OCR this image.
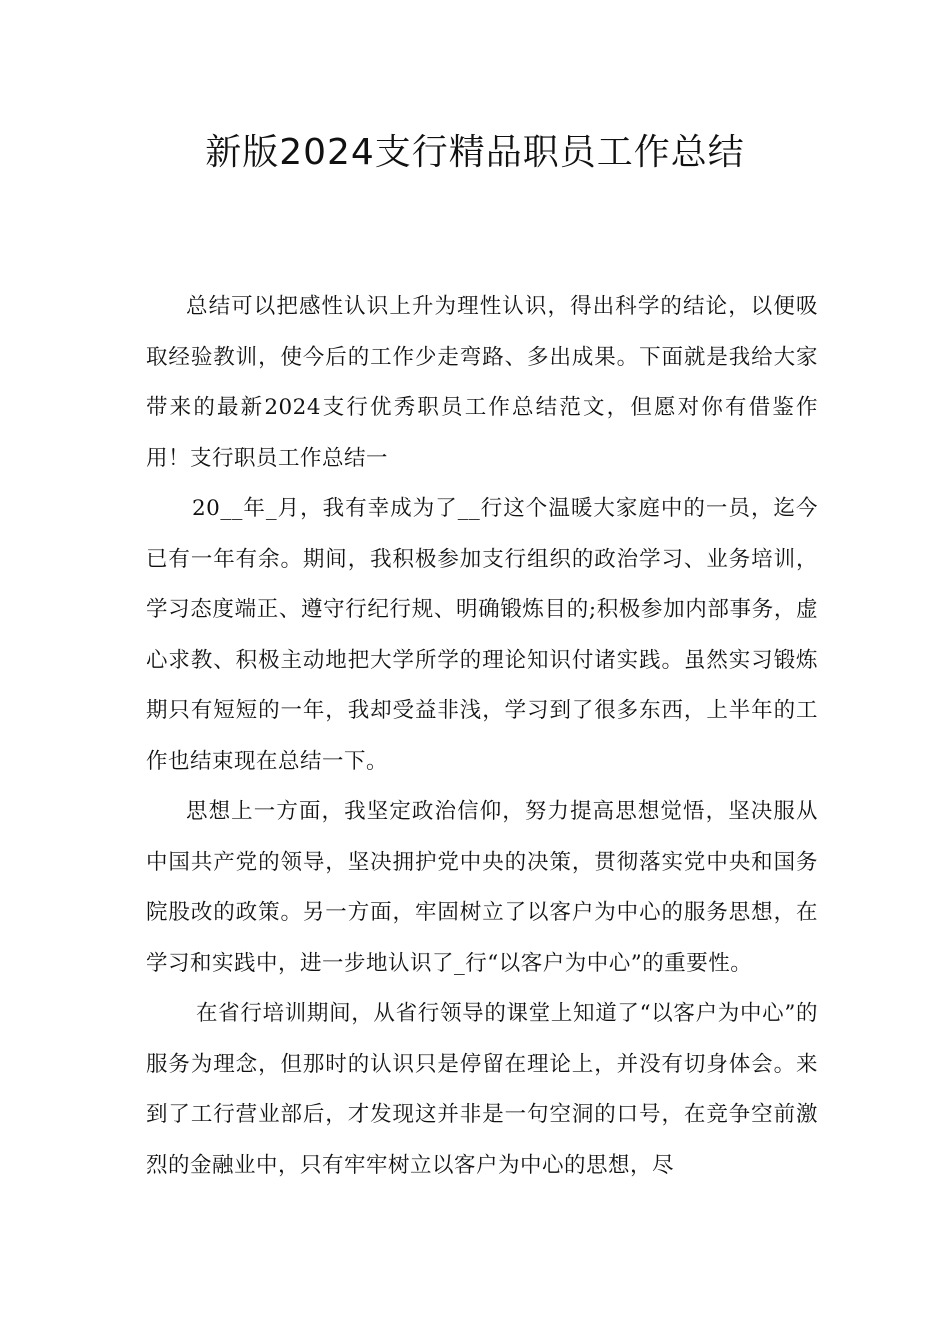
新版2024支行精品职员工作总结

总结可以把感性认识上升为理性认识，得出科学的结论，以便吸取经验教训，使今后的工作少走弯路、多出成果。下面就是我给大家带来的最新2024支行优秀职员工作总结范文，但愿对你有借鉴作用！支行职员工作总结一

20__年_月，我有幸成为了__行这个温暖大家庭中的一员，迄今已有一年有余。期间，我积极参加支行组织的政治学习、业务培训，学习态度端正、遵守行纪行规、明确锻炼目的;积极参加内部事务，虚心求教、积极主动地把大学所学的理论知识付诸实践。虽然实习锻炼期只有短短的一年，我却受益非浅，学习到了很多东西，上半年的工作也结束现在总结一下。

思想上一方面，我坚定政治信仰，努力提高思想觉悟，坚决服从中国共产党的领导，坚决拥护党中央的决策，贯彻落实党中央和国务院股改的政策。另一方面，牢固树立了以客户为中心的服务思想，在学习和实践中，进一步地认识了_行“以客户为中心”的重要性。

在省行培训期间，从省行领导的课堂上知道了“以客户为中心”的服务为理念，但那时的认识只是停留在理论上，并没有切身体会。来到了工行营业部后，才发现这并非是一句空洞的口号，在竞争空前激烈的金融业中，只有牢牢树立以客户为中心的思想，尽
